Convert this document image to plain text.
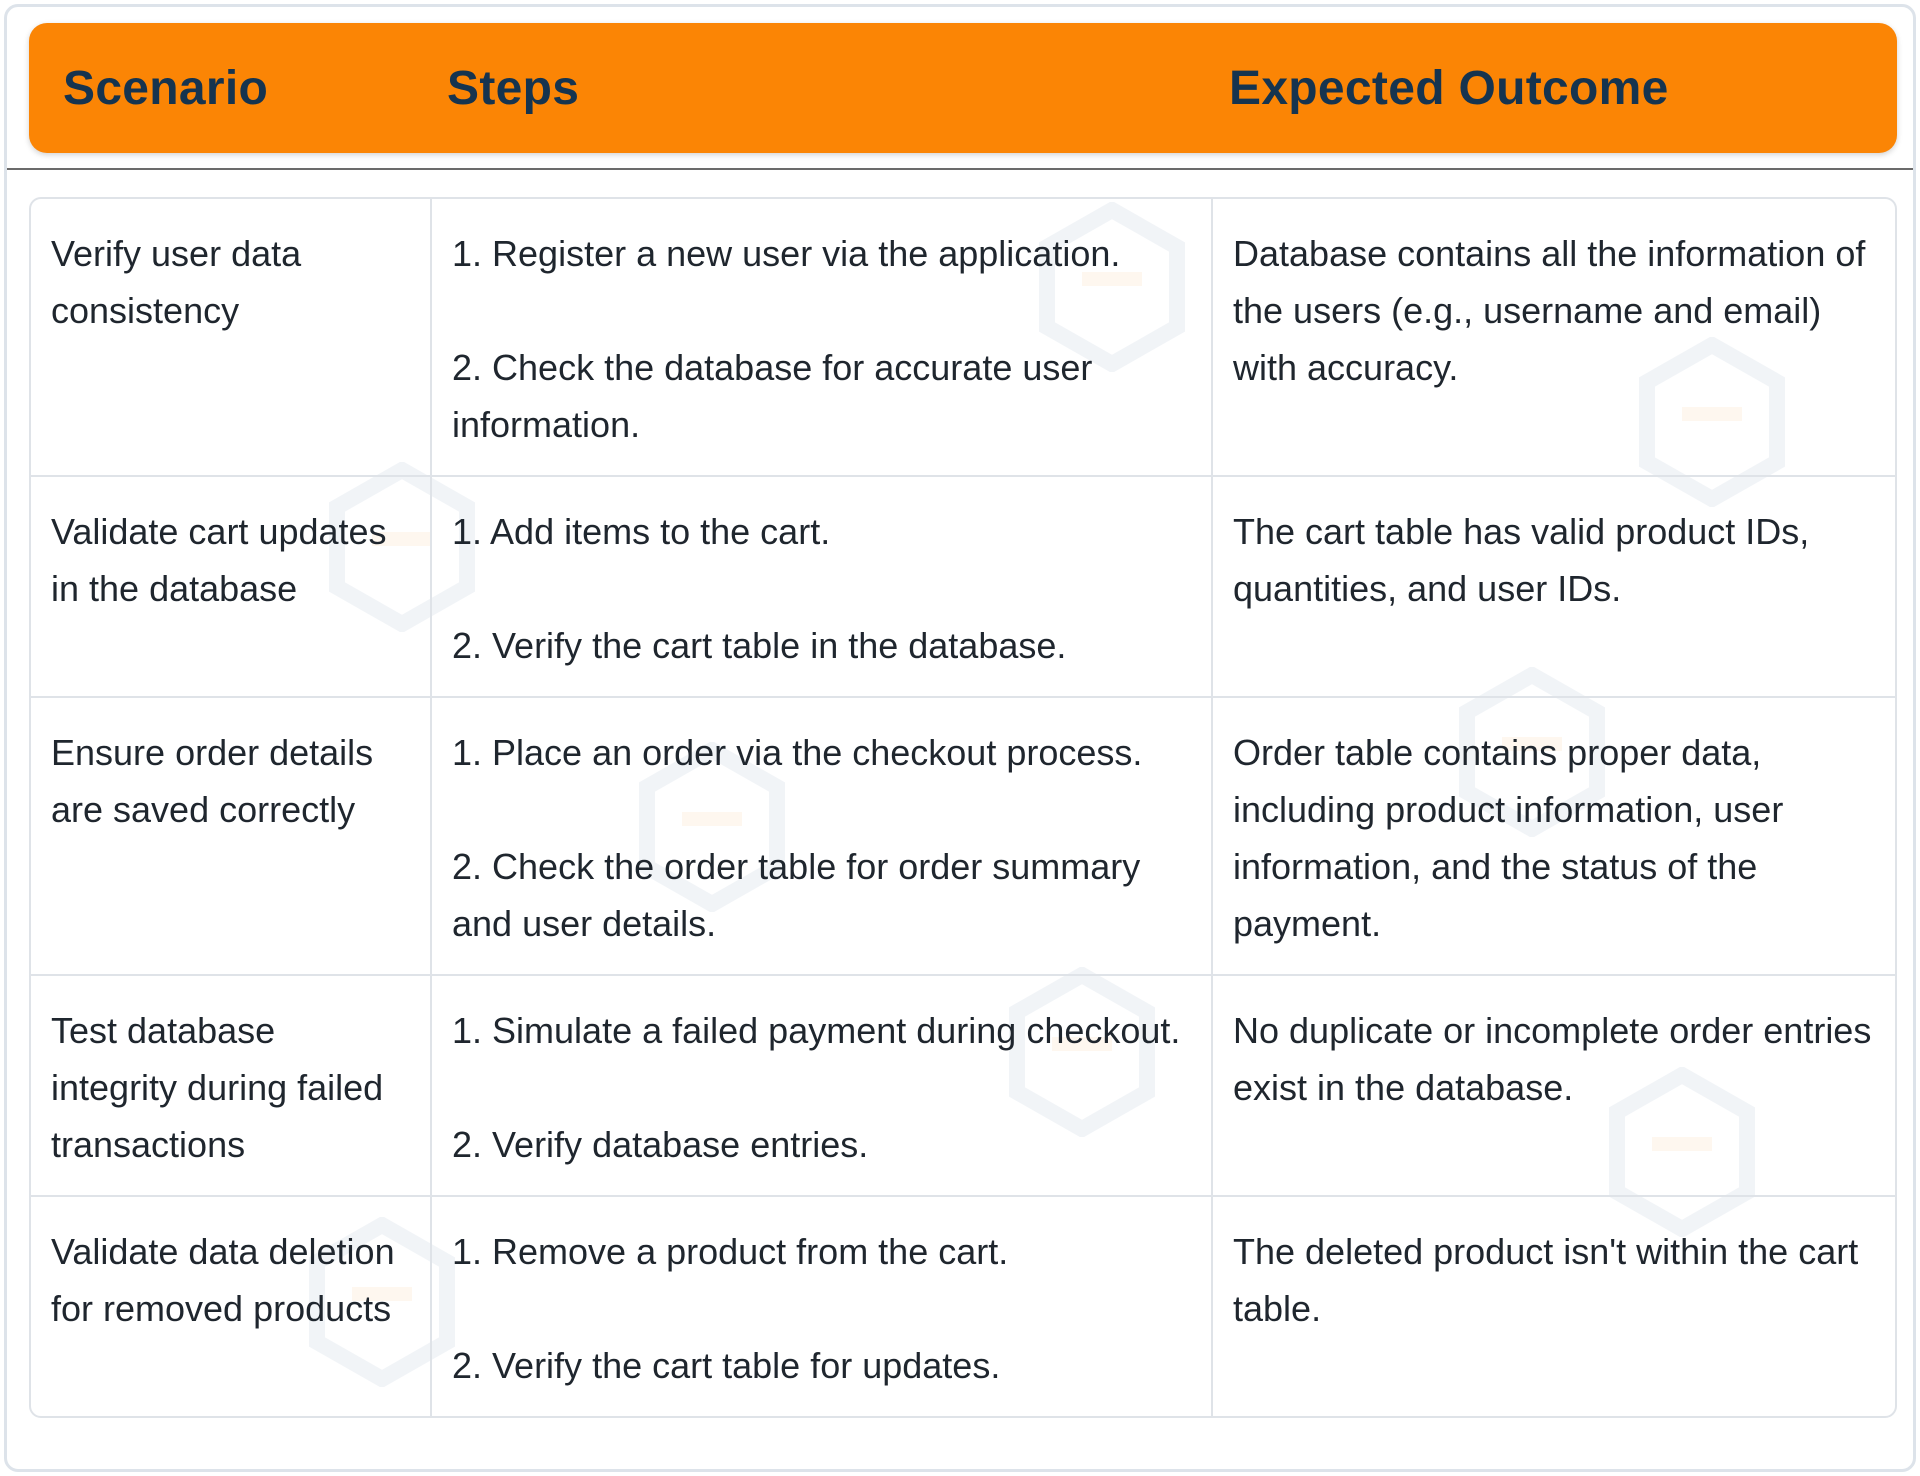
Scenario	Steps	Expected Outcome
Verify user data consistency
1. Register a new user via the application.
2. Check the database for accurate user information.
Database contains all the information of the users (e.g., username and email) with accuracy.
Validate cart updates in the database
1. Add items to the cart.
2. Verify the cart table in the database.
The cart table has valid product IDs, quantities, and user IDs.
Ensure order details are saved correctly
1. Place an order via the checkout process.
2. Check the order table for order summary and user details.
Order table contains proper data, including product information, user information, and the status of the payment.
Test database integrity during failed transactions
1. Simulate a failed payment during checkout.
2. Verify database entries.
No duplicate or incomplete order entries exist in the database.
Validate data deletion for removed products
1. Remove a product from the cart.
2. Verify the cart table for updates.
The deleted product isn't within the cart table.
